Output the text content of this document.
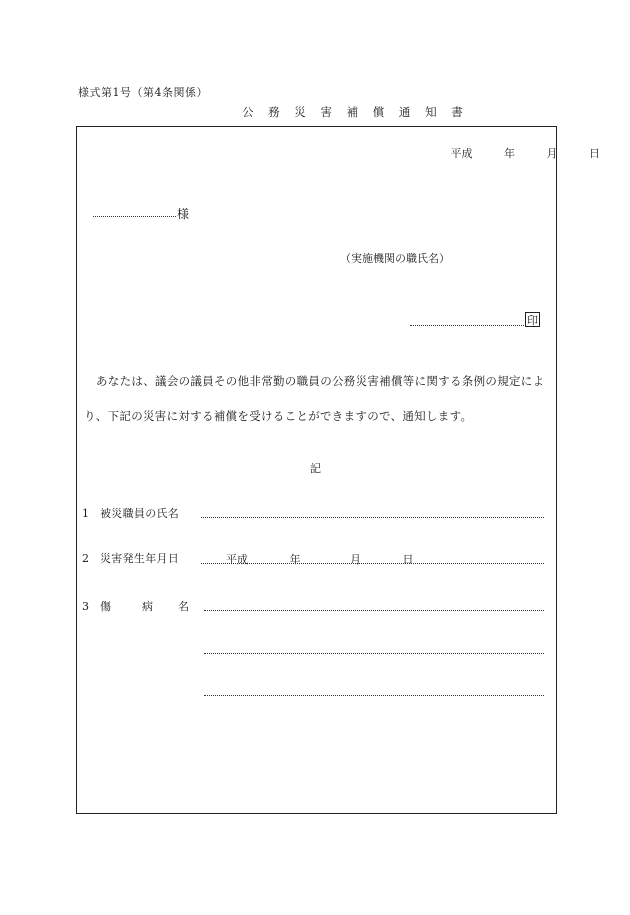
様式第1号（第4条関係）
公 務 災 害 補 償 通 知 書
平成	年	月	日
様
（実施機関の職氏名）
印
あなたは、議会の議員その他非常勤の職員の公務災害補償等に関する条例の規定によ
り、下記の災害に対する補償を受けることができますので、通知します。
記
1 被災職員の氏名
2 災害発生年月日	平成	年	月	日
3 傷	病 名
